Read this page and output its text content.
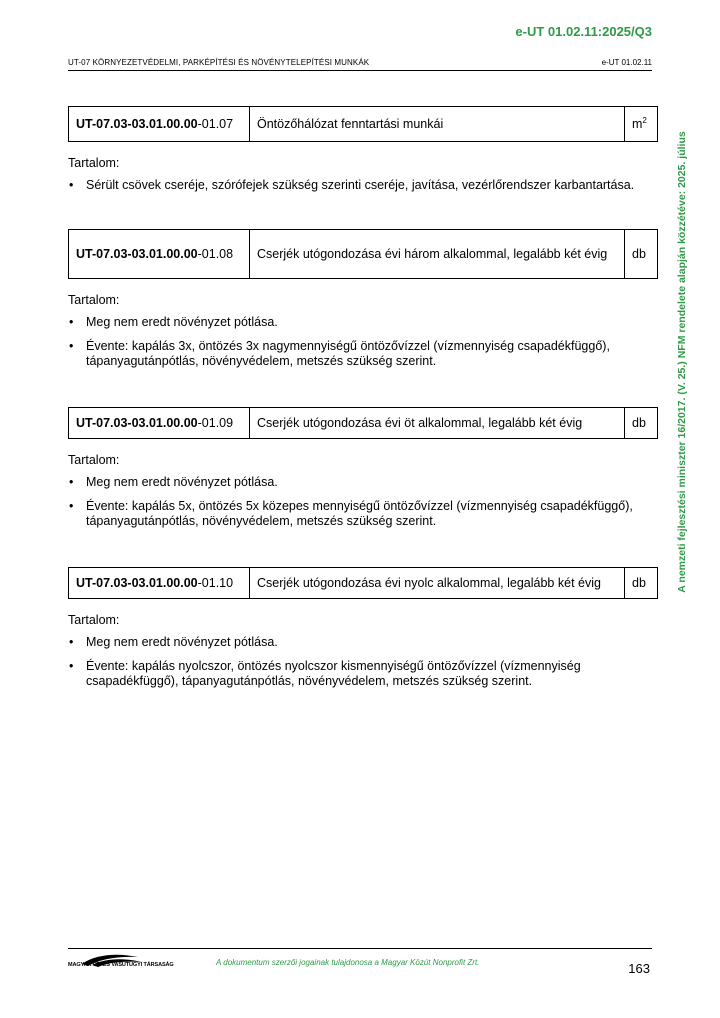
e-UT 01.02.11:2025/Q3
UT-07 KÖRNYEZETVÉDELMI, PARKÉPÍTÉSI ÉS NÖVÉNYTELEPÍTÉSI MUNKÁK	e-UT 01.02.11
A nemzeti fejlesztési miniszter 16/2017. (V. 25.) NFM rendelete alapján közzétéve: 2025. július
UT-07.03-03.01.00.00-01.07	Öntözőhálózat fenntartási munkái	$m^2$
Tartalom:
• Sérült csövek cseréje, szórófejek szükség szerinti cseréje, javítása, vezérlőrendszer karbantartása.
UT-07.03-03.01.00.00-01.08	Cserjék utógondozása évi három alkalommal, legalább két évig	db
Tartalom:
• Meg nem eredt növényzet pótlása.
• Évente: kapálás 3x, öntözés 3x nagymennyiségű öntözővízzel (vízmennyiség csapadékfüggő), tápanyagutánpótlás, növényvédelem, metszés szükség szerint.
UT-07.03-03.01.00.00-01.09	Cserjék utógondozása évi öt alkalommal, legalább két évig	db
Tartalom:
• Meg nem eredt növényzet pótlása.
• Évente: kapálás 5x, öntözés 5x közepes mennyiségű öntözővízzel (vízmennyiség csapadékfüggő), tápanyagutánpótlás, növényvédelem, metszés szükség szerint.
UT-07.03-03.01.00.00-01.10	Cserjék utógondozása évi nyolc alkalommal, legalább két évig	db
Tartalom:
• Meg nem eredt növényzet pótlása.
• Évente: kapálás nyolcszor, öntözés nyolcszor kismennyiségű öntözővízzel (vízmennyiség csapadékfüggő), tápanyagutánpótlás, növényvédelem, metszés szükség szerint.
MAGYAR ÚT- ÉS VASÚTÜGYI TÁRSASÁG	A dokumentum szerzői jogainak tulajdonosa a Magyar Közút Nonprofit Zrt.	163
